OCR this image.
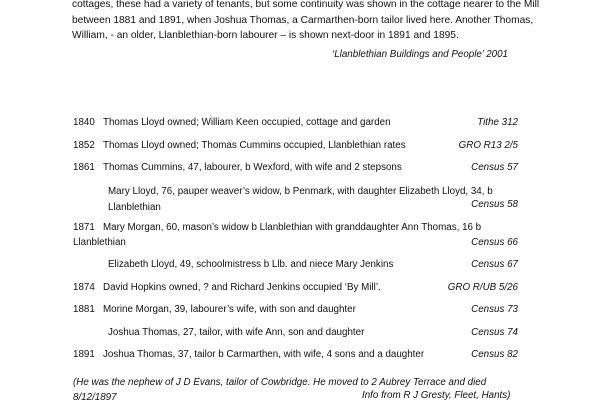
cottages, these had a variety of tenants, but some continuity was shown in the cottage nearer to the Mill between 1881 and 1891, when Joshua Thomas, a Carmarthen-born tailor lived here. Another Thomas, William, - an older, Llanblethian-born labourer – is shown next-door in 1891 and 1895.

‘Llanblethian Buildings and People’ 2001

1840 Thomas Lloyd owned; William Keen occupied, cottage and garden	Tithe 312
1852 Thomas Lloyd owned; Thomas Cummins occupied, Llanblethian rates	GRO R13 2/5
1861 Thomas Cummins, 47, labourer, b Wexford, with wife and 2 stepsons	Census 57
Mary Lloyd, 76, pauper weaver’s widow, b Penmark, with daughter Elizabeth Lloyd, 34, b Llanblethian	Census 58
1871 Mary Morgan, 60, mason’s widow b Llanblethian with granddaughter Ann Thomas, 16 b
Llanblethian	Census 66
Elizabeth Lloyd, 49, schoolmistress b Llb. and niece Mary Jenkins	Census 67
1874 David Hopkins owned, ? and Richard Jenkins occupied ‘By Mill’.	GRO R/UB 5/26
1881 Morine Morgan, 39, labourer’s wife, with son and daughter	Census 73
Joshua Thomas, 27, tailor, with wife Ann, son and daughter	Census 74
1891 Joshua Thomas, 37, tailor b Carmarthen, with wife, 4 sons and a daughter	Census 82

(He was the nephew of J D Evans, tailor of Cowbridge. He moved to 2 Aubrey Terrace and died 8/12/1897	Info from R J Gresty, Fleet, Hants)
